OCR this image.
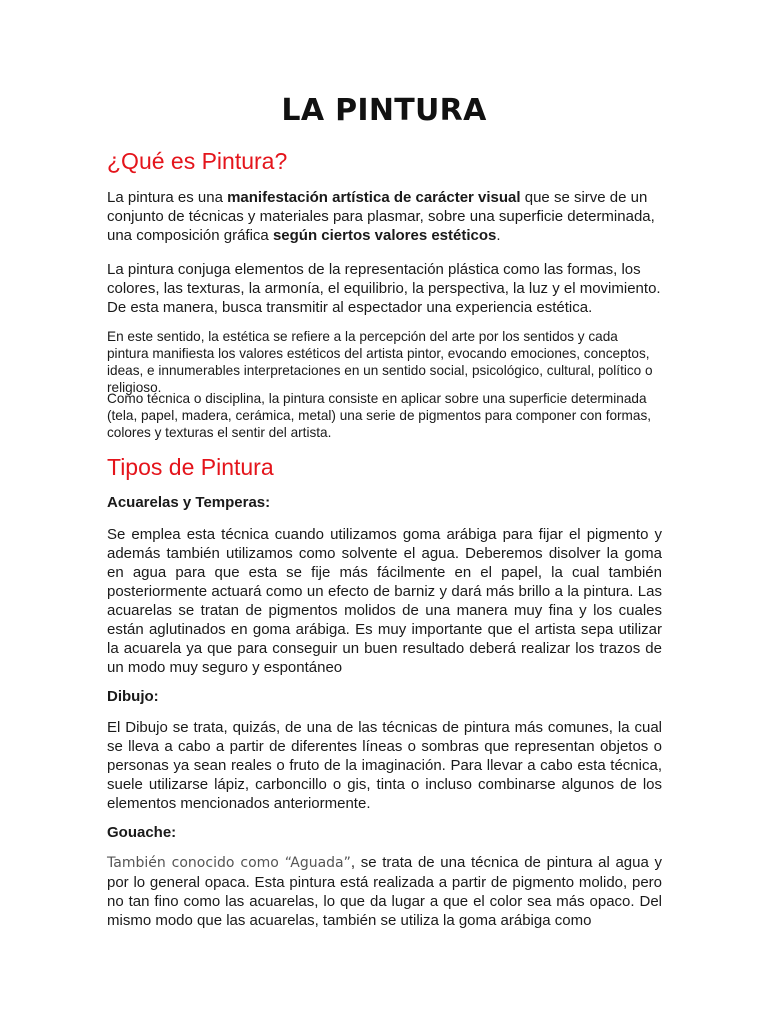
LA PINTURA
¿Qué es Pintura?

La pintura es una manifestación artística de carácter visual que se sirve de un conjunto de técnicas y materiales para plasmar, sobre una superficie determinada, una composición gráfica según ciertos valores estéticos.

La pintura conjuga elementos de la representación plástica como las formas, los colores, las texturas, la armonía, el equilibrio, la perspectiva, la luz y el movimiento. De esta manera, busca transmitir al espectador una experiencia estética.

En este sentido, la estética se refiere a la percepción del arte por los sentidos y cada pintura manifiesta los valores estéticos del artista pintor, evocando emociones, conceptos, ideas, e innumerables interpretaciones en un sentido social, psicológico, cultural, político o religioso.

Como técnica o disciplina, la pintura consiste en aplicar sobre una superficie determinada (tela, papel, madera, cerámica, metal) una serie de pigmentos para componer con formas, colores y texturas el sentir del artista.

Tipos de Pintura

Acuarelas y Temperas:

Se emplea esta técnica cuando utilizamos goma arábiga para fijar el pigmento y además también utilizamos como solvente el agua. Deberemos disolver la goma en agua para que esta se fije más fácilmente en el papel, la cual también posteriormente actuará como un efecto de barniz y dará más brillo a la pintura. Las acuarelas se tratan de pigmentos molidos de una manera muy fina y los cuales están aglutinados en goma arábiga. Es muy importante que el artista sepa utilizar la acuarela ya que para conseguir un buen resultado deberá realizar los trazos de un modo muy seguro y espontáneo

Dibujo:

El Dibujo se trata, quizás, de una de las técnicas de pintura más comunes, la cual se lleva a cabo a partir de diferentes líneas o sombras que representan objetos o personas ya sean reales o fruto de la imaginación. Para llevar a cabo esta técnica, suele utilizarse lápiz, carboncillo o gis, tinta o incluso combinarse algunos de los elementos mencionados anteriormente.

Gouache:

También conocido como “Aguada”, se trata de una técnica de pintura al agua y por lo general opaca. Esta pintura está realizada a partir de pigmento molido, pero no tan fino como las acuarelas, lo que da lugar a que el color sea más opaco. Del mismo modo que las acuarelas, también se utiliza la goma arábiga como
